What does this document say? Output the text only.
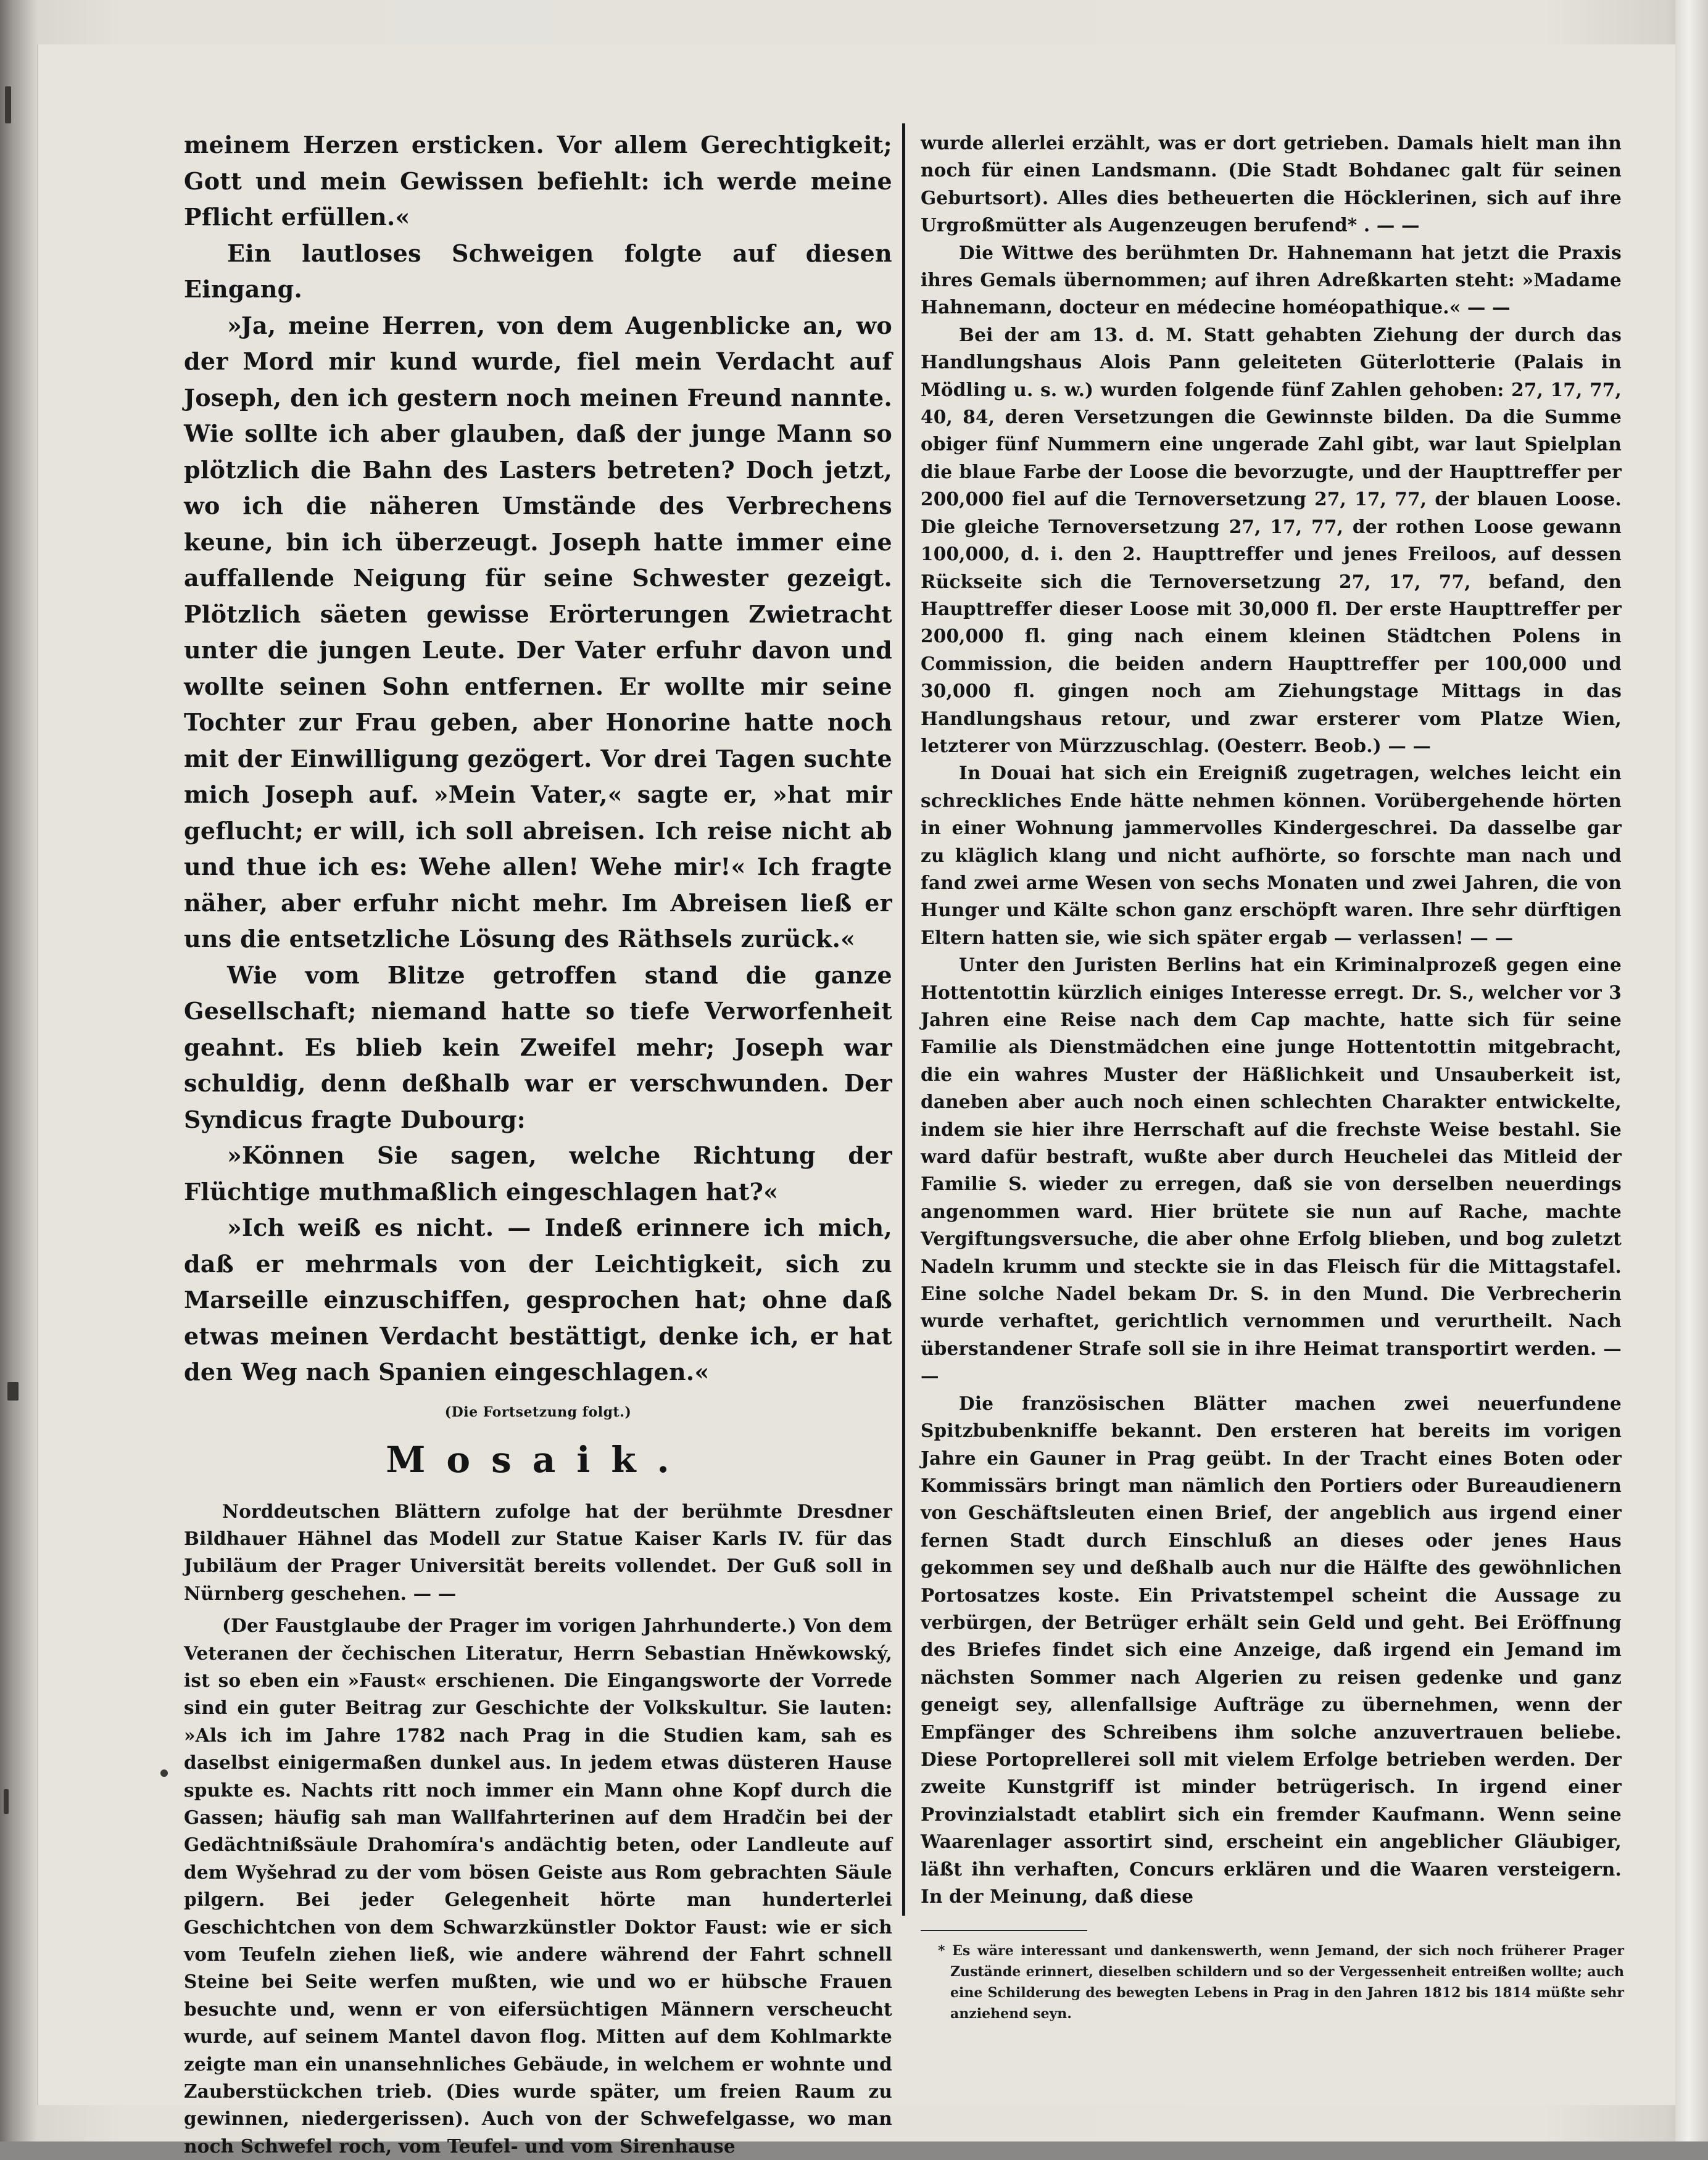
meinem Herzen ersticken. Vor allem Gerechtigkeit; Gott und mein Gewissen befiehlt: ich werde meine Pflicht erfüllen.«

Ein lautloses Schweigen folgte auf diesen Eingang.

»Ja, meine Herren, von dem Augenblicke an, wo der Mord mir kund wurde, fiel mein Verdacht auf Joseph, den ich gestern noch meinen Freund nannte. Wie sollte ich aber glauben, daß der junge Mann so plötzlich die Bahn des Lasters betreten? Doch jetzt, wo ich die näheren Umstände des Verbrechens keune, bin ich überzeugt. Joseph hatte immer eine auffallende Neigung für seine Schwester gezeigt. Plötzlich säeten gewisse Erörterungen Zwietracht unter die jungen Leute. Der Vater erfuhr davon und wollte seinen Sohn entfernen. Er wollte mir seine Tochter zur Frau geben, aber Honorine hatte noch mit der Einwilligung gezögert. Vor drei Tagen suchte mich Joseph auf. »Mein Vater,« sagte er, »hat mir geflucht; er will, ich soll abreisen. Ich reise nicht ab und thue ich es: Wehe allen! Wehe mir!« Ich fragte näher, aber erfuhr nicht mehr. Im Abreisen ließ er uns die entsetzliche Lösung des Räthsels zurück.«

Wie vom Blitze getroffen stand die ganze Gesellschaft; niemand hatte so tiefe Verworfenheit geahnt. Es blieb kein Zweifel mehr; Joseph war schuldig, denn deßhalb war er verschwunden. Der Syndicus fragte Dubourg:

»Können Sie sagen, welche Richtung der Flüchtige muthmaßlich eingeschlagen hat?«

»Ich weiß es nicht. — Indeß erinnere ich mich, daß er mehrmals von der Leichtigkeit, sich zu Marseille einzuschiffen, gesprochen hat; ohne daß etwas meinen Verdacht bestättigt, denke ich, er hat den Weg nach Spanien eingeschlagen.«

(Die Fortsetzung folgt.)
Mosaik.

Norddeutschen Blättern zufolge hat der berühmte Dresdner Bildhauer Hähnel das Modell zur Statue Kaiser Karls IV. für das Jubiläum der Prager Universität bereits vollendet. Der Guß soll in Nürnberg geschehen. — —

(Der Faustglaube der Prager im vorigen Jahrhunderte.) Von dem Veteranen der čechischen Literatur, Herrn Sebastian Hněwkowský, ist so eben ein »Faust« erschienen. Die Eingangsworte der Vorrede sind ein guter Beitrag zur Geschichte der Volkskultur. Sie lauten: »Als ich im Jahre 1782 nach Prag in die Studien kam, sah es daselbst einigermaßen dunkel aus. In jedem etwas düsteren Hause spukte es. Nachts ritt noch immer ein Mann ohne Kopf durch die Gassen; häufig sah man Wallfahrterinen auf dem Hradčin bei der Gedächtnißsäule Drahomíra's andächtig beten, oder Landleute auf dem Wyšehrad zu der vom bösen Geiste aus Rom gebrachten Säule pilgern. Bei jeder Gelegenheit hörte man hunderterlei Geschichtchen von dem Schwarzkünstler Doktor Faust: wie er sich vom Teufeln ziehen ließ, wie andere während der Fahrt schnell Steine bei Seite werfen mußten, wie und wo er hübsche Frauen besuchte und, wenn er von eifersüchtigen Männern verscheucht wurde, auf seinem Mantel davon flog. Mitten auf dem Kohlmarkte zeigte man ein unansehnliches Gebäude, in welchem er wohnte und Zauberstückchen trieb. (Dies wurde später, um freien Raum zu gewinnen, niedergerissen). Auch von der Schwefelgasse, wo man noch Schwefel roch, vom Teufel- und vom Sirenhause

wurde allerlei erzählt, was er dort getrieben. Damals hielt man ihn noch für einen Landsmann. (Die Stadt Bohdanec galt für seinen Geburtsort). Alles dies betheuerten die Höcklerinen, sich auf ihre Urgroßmütter als Augenzeugen berufend* . — —

Die Wittwe des berühmten Dr. Hahnemann hat jetzt die Praxis ihres Gemals übernommen; auf ihren Adreßkarten steht: »Madame Hahnemann, docteur en médecine homéopathique.« — —

Bei der am 13. d. M. Statt gehabten Ziehung der durch das Handlungshaus Alois Pann geleiteten Güterlotterie (Palais in Mödling u. s. w.) wurden folgende fünf Zahlen gehoben: 27, 17, 77, 40, 84, deren Versetzungen die Gewinnste bilden. Da die Summe obiger fünf Nummern eine ungerade Zahl gibt, war laut Spielplan die blaue Farbe der Loose die bevorzugte, und der Haupttreffer per 200,000 fiel auf die Ternoversetzung 27, 17, 77, der blauen Loose. Die gleiche Ternoversetzung 27, 17, 77, der rothen Loose gewann 100,000, d. i. den 2. Haupttreffer und jenes Freiloos, auf dessen Rückseite sich die Ternoversetzung 27, 17, 77, befand, den Haupttreffer dieser Loose mit 30,000 fl. Der erste Haupttreffer per 200,000 fl. ging nach einem kleinen Städtchen Polens in Commission, die beiden andern Haupttreffer per 100,000 und 30,000 fl. gingen noch am Ziehungstage Mittags in das Handlungshaus retour, und zwar ersterer vom Platze Wien, letzterer von Mürzzuschlag. (Oesterr. Beob.) — —

In Douai hat sich ein Ereigniß zugetragen, welches leicht ein schreckliches Ende hätte nehmen können. Vorübergehende hörten in einer Wohnung jammervolles Kindergeschrei. Da dasselbe gar zu kläglich klang und nicht aufhörte, so forschte man nach und fand zwei arme Wesen von sechs Monaten und zwei Jahren, die von Hunger und Kälte schon ganz erschöpft waren. Ihre sehr dürftigen Eltern hatten sie, wie sich später ergab — verlassen! — —

Unter den Juristen Berlins hat ein Kriminalprozeß gegen eine Hottentottin kürzlich einiges Interesse erregt. Dr. S., welcher vor 3 Jahren eine Reise nach dem Cap machte, hatte sich für seine Familie als Dienstmädchen eine junge Hottentottin mitgebracht, die ein wahres Muster der Häßlichkeit und Unsauberkeit ist, daneben aber auch noch einen schlechten Charakter entwickelte, indem sie hier ihre Herrschaft auf die frechste Weise bestahl. Sie ward dafür bestraft, wußte aber durch Heuchelei das Mitleid der Familie S. wieder zu erregen, daß sie von derselben neuerdings angenommen ward. Hier brütete sie nun auf Rache, machte Vergiftungsversuche, die aber ohne Erfolg blieben, und bog zuletzt Nadeln krumm und steckte sie in das Fleisch für die Mittagstafel. Eine solche Nadel bekam Dr. S. in den Mund. Die Verbrecherin wurde verhaftet, gerichtlich vernommen und verurtheilt. Nach überstandener Strafe soll sie in ihre Heimat transportirt werden. — —

Die französischen Blätter machen zwei neuerfundene Spitzbubenkniffe bekannt. Den ersteren hat bereits im vorigen Jahre ein Gauner in Prag geübt. In der Tracht eines Boten oder Kommissärs bringt man nämlich den Portiers oder Bureaudienern von Geschäftsleuten einen Brief, der angeblich aus irgend einer fernen Stadt durch Einschluß an dieses oder jenes Haus gekommen sey und deßhalb auch nur die Hälfte des gewöhnlichen Portosatzes koste. Ein Privatstempel scheint die Aussage zu verbürgen, der Betrüger erhält sein Geld und geht. Bei Eröffnung des Briefes findet sich eine Anzeige, daß irgend ein Jemand im nächsten Sommer nach Algerien zu reisen gedenke und ganz geneigt sey, allenfallsige Aufträge zu übernehmen, wenn der Empfänger des Schreibens ihm solche anzuvertrauen beliebe. Diese Portoprellerei soll mit vielem Erfolge betrieben werden. Der zweite Kunstgriff ist minder betrügerisch. In irgend einer Provinzialstadt etablirt sich ein fremder Kaufmann. Wenn seine Waarenlager assortirt sind, erscheint ein angeblicher Gläubiger, läßt ihn verhaften, Concurs erklären und die Waaren versteigern. In der Meinung, daß diese

* Es wäre interessant und dankenswerth, wenn Jemand, der sich noch früherer Prager Zustände erinnert, dieselben schildern und so der Vergessenheit entreißen wollte; auch eine Schilderung des bewegten Lebens in Prag in den Jahren 1812 bis 1814 müßte sehr anziehend seyn.
